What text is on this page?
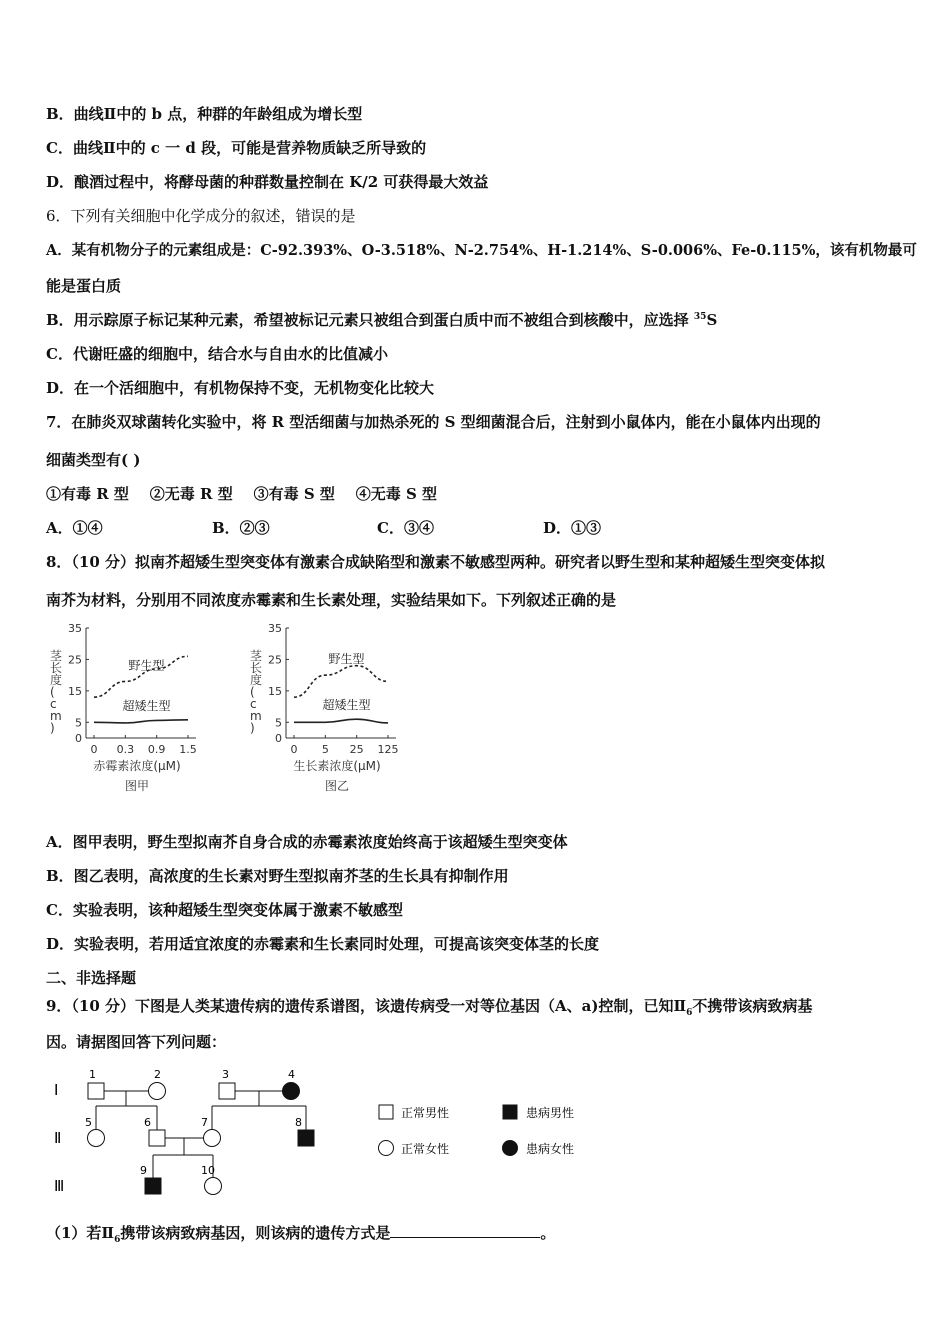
B．曲线Ⅱ中的 b 点，种群的年龄组成为增长型
C．曲线Ⅱ中的 c 一 d 段，可能是营养物质缺乏所导致的
D．酿酒过程中，将酵母菌的种群数量控制在 K/2 可获得最大效益
6．下列有关细胞中化学成分的叙述，错误的是
A．某有机物分子的元素组成是：C-92.393%、O-3.518%、N-2.754%、H-1.214%、S-0.006%、Fe-0.115%，该有机物最可
能是蛋白质
B．用示踪原子标记某种元素，希望被标记元素只被组合到蛋白质中而不被组合到核酸中，应选择 $^{35}$S
C．代谢旺盛的细胞中，结合水与自由水的比值减小
D．在一个活细胞中，有机物保持不变，无机物变化比较大
7．在肺炎双球菌转化实验中，将 R 型活细菌与加热杀死的 S 型细菌混合后，注射到小鼠体内，能在小鼠体内出现的
细菌类型有( )
①有毒 R 型    ②无毒 R 型    ③有毒 S 型    ④无毒 S 型
A．①④	B．②③	C．③④	D．①③
8．（10 分）拟南芥超矮生型突变体有激素合成缺陷型和激素不敏感型两种。研究者以野生型和某种超矮生型突变体拟
南芥为材料，分别用不同浓度赤霉素和生长素处理，实验结果如下。下列叙述正确的是
0
5
15
25
35
0 0.3 0.9 1.5
茎长度( c m )
野生型
超矮生型
赤霉素浓度(μM)
图甲
0
5
15
25
35
0 5 25 125
茎长度( c m )
野生型
超矮生型
生长素浓度(μM)
图乙
A．图甲表明，野生型拟南芥自身合成的赤霉素浓度始终高于该超矮生型突变体
B．图乙表明，高浓度的生长素对野生型拟南芥茎的生长具有抑制作用
C．实验表明，该种超矮生型突变体属于激素不敏感型
D．实验表明，若用适宜浓度的赤霉素和生长素同时处理，可提高该突变体茎的长度
二、非选择题
9．（10 分）下图是人类某遗传病的遗传系谱图，该遗传病受一对等位基因（A、a)控制，已知$Ⅱ_6$不携带该病致病基
因。请据图回答下列问题：
Ⅰ
Ⅱ
Ⅲ
1	2	3	4
5	6	7	8
9	10
正常男性	患病男性
正常女性	患病女性
（1）若$Ⅱ_6$携带该病致病基因，则该病的遗传方式是	。
